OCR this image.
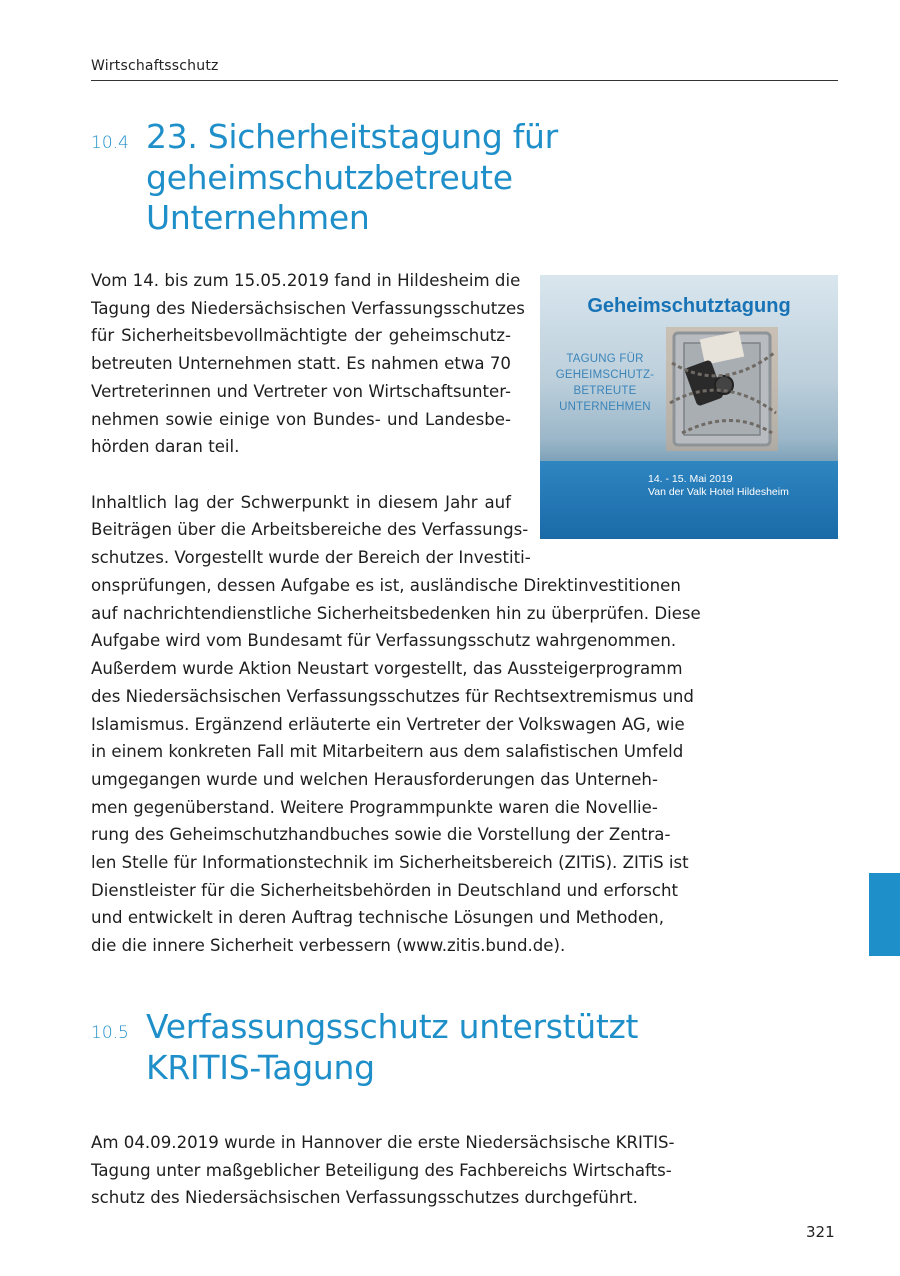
Wirtschaftsschutz
10.4 23. Sicherheitstagung für
geheimschutzbetreute
Unternehmen
Vom 14. bis zum 15.05.2019 fand in Hildesheim die
Tagung des Niedersächsischen Verfassungsschutzes
für Sicherheitsbevollmächtigte der geheimschutz-
betreuten Unternehmen statt. Es nahmen etwa 70
Vertreterinnen und Vertreter von Wirtschaftsunter-
nehmen sowie einige von Bundes- und Landesbe-
hörden daran teil.
Inhaltlich lag der Schwerpunkt in diesem Jahr auf
Beiträgen über die Arbeitsbereiche des Verfassungs-
schutzes. Vorgestellt wurde der Bereich der Investiti-
onsprüfungen, dessen Aufgabe es ist, ausländische Direktinvestitionen
auf nachrichtendienstliche Sicherheitsbedenken hin zu überprüfen. Diese
Aufgabe wird vom Bundesamt für Verfassungsschutz wahrgenommen.
Außerdem wurde Aktion Neustart vorgestellt, das Aussteigerprogramm
des Niedersächsischen Verfassungsschutzes für Rechtsextremismus und
Islamismus. Ergänzend erläuterte ein Vertreter der Volkswagen AG, wie
in einem konkreten Fall mit Mitarbeitern aus dem salafistischen Umfeld
umgegangen wurde und welchen Herausforderungen das Unterneh-
men gegenüberstand. Weitere Programmpunkte waren die Novellie-
rung des Geheimschutzhandbuches sowie die Vorstellung der Zentra-
len Stelle für Informationstechnik im Sicherheitsbereich (ZITiS). ZITiS ist
Dienstleister für die Sicherheitsbehörden in Deutschland und erforscht
und entwickelt in deren Auftrag technische Lösungen und Methoden,
die die innere Sicherheit verbessern (www.zitis.bund.de).
Geheimschutztagung
TAGUNG FÜR
GEHEIMSCHUTZ-
BETREUTE
UNTERNEHMEN
14. - 15. Mai 2019
Van der Valk Hotel Hildesheim
10.5 Verfassungsschutz unterstützt
KRITIS-Tagung
Am 04.09.2019 wurde in Hannover die erste Niedersächsische KRITIS-
Tagung unter maßgeblicher Beteiligung des Fachbereichs Wirtschafts-
schutz des Niedersächsischen Verfassungsschutzes durchgeführt.
321
